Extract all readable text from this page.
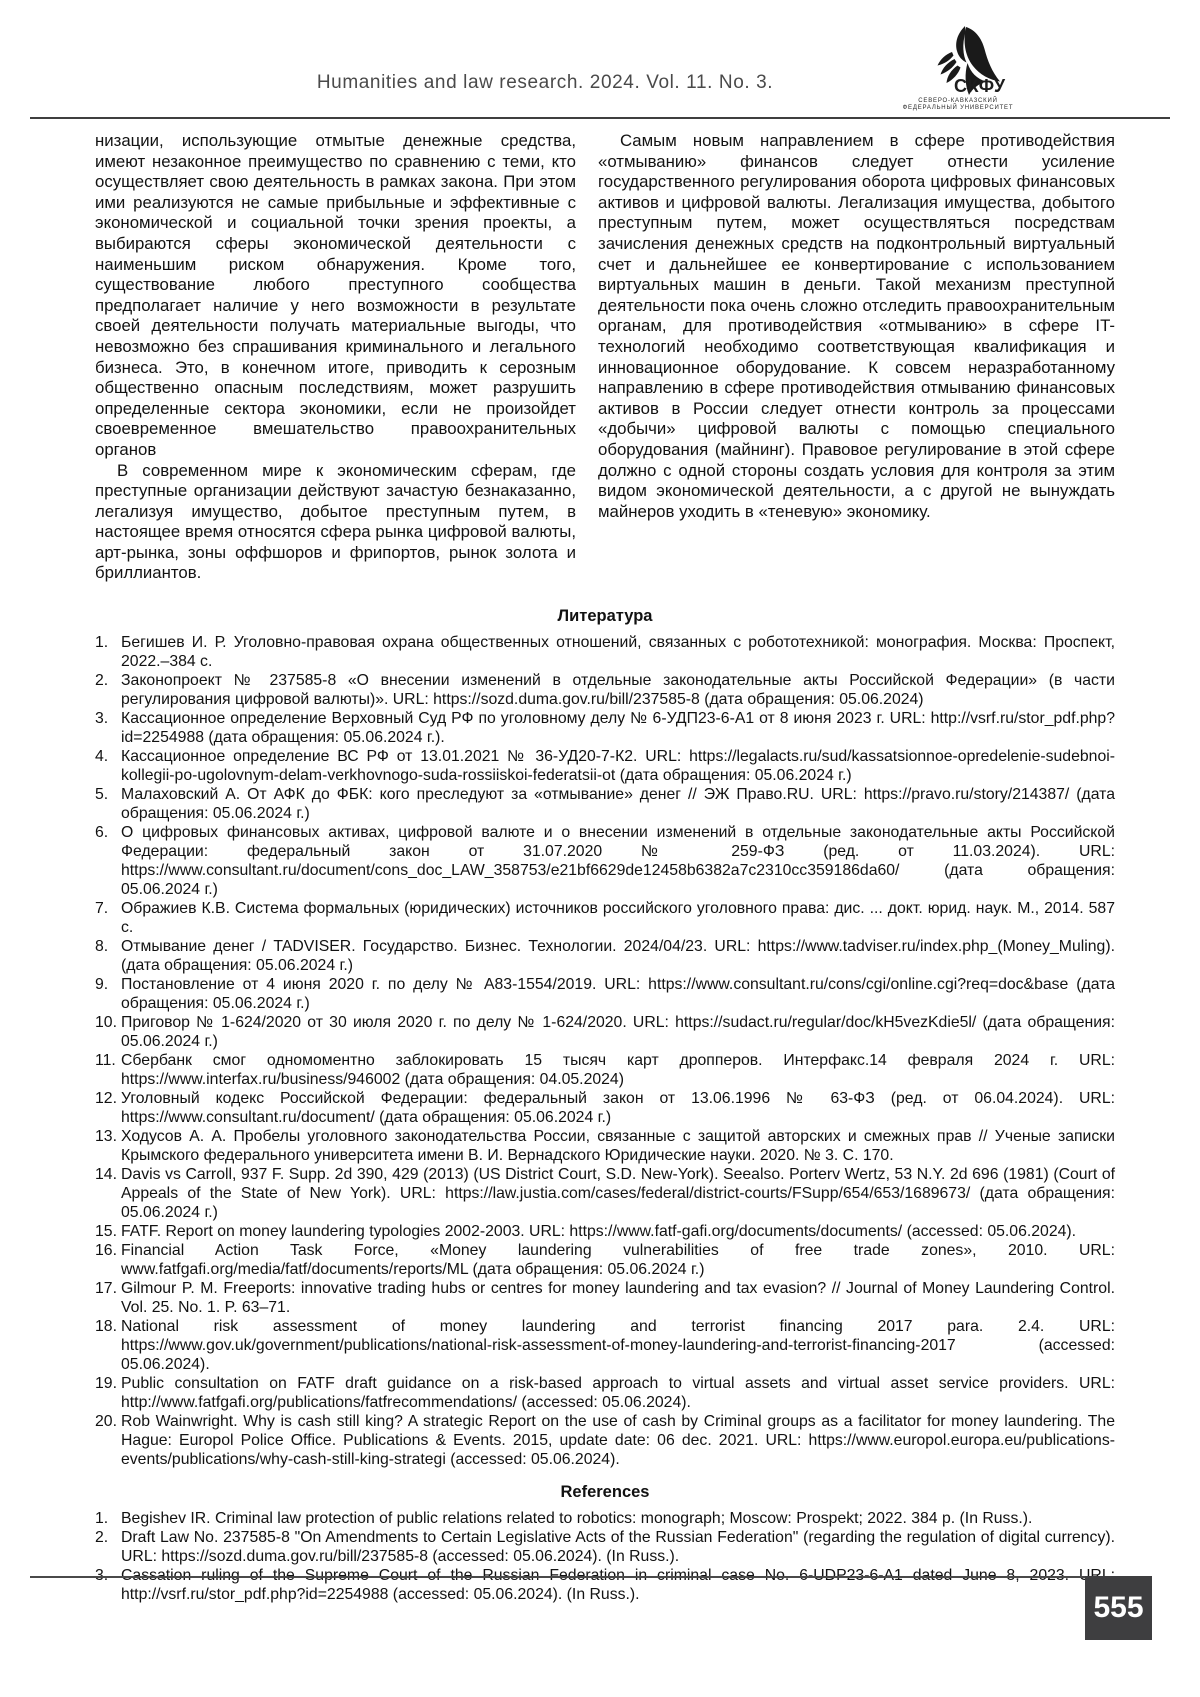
Humanities and law research. 2024. Vol. 11. No. 3.	СКФУ
СЕВЕРО-КАВКАЗСКИЙ
ФЕДЕРАЛЬНЫЙ УНИВЕРСИТЕТ

низации, использующие отмытые денежные средства, имеют незаконное преимущество по сравнению с теми, кто осуществляет свою деятельность в рамках закона. При этом ими реализуются не самые прибыльные и эффективные с экономической и социальной точки зрения проекты, а выбираются сферы экономической деятельности с наименьшим риском обнаружения. Кроме того, существование любого преступного сообщества предполагает наличие у него возможности в результате своей деятельности получать материальные выгоды, что невозможно без спрашивания криминального и легального бизнеса. Это, в конечном итоге, приводить к серозным общественно опасным последствиям, может разрушить определенные сектора экономики, если не произойдет своевременное вмешательство правоохранительных органов

В современном мире к экономическим сферам, где преступные организации действуют зачастую безнаказанно, легализуя имущество, добытое преступным путем, в настоящее время относятся сфера рынка цифровой валюты, арт-рынка, зоны оффшоров и фрипортов, рынок золота и бриллиантов.

Самым новым направлением в сфере противодействия «отмыванию» финансов следует отнести усиление государственного регулирования оборота цифровых финансовых активов и цифровой валюты. Легализация имущества, добытого преступным путем, может осуществляться посредствам зачисления денежных средств на подконтрольный виртуальный счет и дальнейшее ее конвертирование с использованием виртуальных машин в деньги. Такой механизм преступной деятельности пока очень сложно отследить правоохранительным органам, для противодействия «отмыванию» в сфере IT-технологий необходимо соответствующая квалификация и инновационное оборудование. К совсем неразработанному направлению в сфере противодействия отмыванию финансовых активов в России следует отнести контроль за процессами «добычи» цифровой валюты с помощью специального оборудования (майнинг). Правовое регулирование в этой сфере должно с одной стороны создать условия для контроля за этим видом экономической деятельности, а с другой не вынуждать майнеров уходить в «теневую» экономику.

Литература
Бегишев И. Р. Уголовно-правовая охрана общественных отношений, связанных с робототехникой: монография. Москва: Проспект, 2022.–384 с.
Законопроект № 237585-8 «О внесении изменений в отдельные законодательные акты Российской Федерации» (в части регулирования цифровой валюты)». URL: https://sozd.duma.gov.ru/bill/237585-8 (дата обращения: 05.06.2024)
Кассационное определение Верховный Суд РФ по уголовному делу № 6-УДП23-6-А1 от 8 июня 2023 г. URL: http://vsrf.ru/stor_pdf.php?id=2254988 (дата обращения: 05.06.2024 г.).
Кассационное определение ВС РФ от 13.01.2021 № 36-УД20-7-К2. URL: https://legalacts.ru/sud/kassatsionnoe-opredelenie-sudebnoi-kollegii-po-ugolovnym-delam-verkhovnogo-suda-rossiiskoi-federatsii-ot (дата обращения: 05.06.2024 г.)
Малаховский А. От АФК до ФБК: кого преследуют за «отмывание» денег // ЭЖ Право.RU. URL: https://pravo.ru/story/214387/ (дата обращения: 05.06.2024 г.)
О цифровых финансовых активах, цифровой валюте и о внесении изменений в отдельные законодательные акты Российской Федерации: федеральный закон от 31.07.2020 № 259-ФЗ (ред. от 11.03.2024). URL: https://www.consultant.ru/document/cons_doc_LAW_358753/e21bf6629de12458b6382a7c2310cc359186da60/ (дата обращения: 05.06.2024 г.)
Ображиев К.В. Система формальных (юридических) источников российского уголовного права: дис. ... докт. юрид. наук. М., 2014. 587 с.
Отмывание денег / TADVISER. Государство. Бизнес. Технологии. 2024/04/23. URL: https://www.tadviser.ru/index.php_(Money_Muling). (дата обращения: 05.06.2024 г.)
Постановление от 4 июня 2020 г. по делу № А83-1554/2019. URL: https://www.consultant.ru/cons/cgi/online.cgi?req=doc&base (дата обращения: 05.06.2024 г.)
Приговор № 1-624/2020 от 30 июля 2020 г. по делу № 1-624/2020. URL: https://sudact.ru/regular/doc/kH5vezKdie5l/ (дата обращения: 05.06.2024 г.)
Сбербанк смог одномоментно заблокировать 15 тысяч карт дропперов. Интерфакс.14 февраля 2024 г. URL: https://www.interfax.ru/business/946002 (дата обращения: 04.05.2024)
Уголовный кодекс Российской Федерации: федеральный закон от 13.06.1996 № 63-ФЗ (ред. от 06.04.2024). URL: https://www.consultant.ru/document/ (дата обращения: 05.06.2024 г.)
Ходусов А. А. Пробелы уголовного законодательства России, связанные с защитой авторских и смежных прав // Ученые записки Крымского федерального университета имени В. И. Вернадского Юридические науки. 2020. № 3. С. 170.
Davis vs Carroll, 937 F. Supp. 2d 390, 429 (2013) (US District Court, S.D. New-York). Seealso. Porterv Wertz, 53 N.Y. 2d 696 (1981) (Court of Appeals of the State of New York). URL: https://law.justia.com/cases/federal/district-courts/FSupp/654/653/1689673/ (дата обращения: 05.06.2024 г.)
FATF. Report on money laundering typologies 2002-2003. URL: https://www.fatf-gafi.org/documents/documents/ (accessed: 05.06.2024).
Financial Action Task Force, «Money laundering vulnerabilities of free trade zones», 2010. URL: www.fatfgafi.org/media/fatf/documents/reports/ML (дата обращения: 05.06.2024 г.)
Gilmour P. M. Freeports: innovative trading hubs or centres for money laundering and tax evasion? // Journal of Money Laundering Control. Vol. 25. No. 1. P. 63–71.
National risk assessment of money laundering and terrorist financing 2017 para. 2.4. URL: https://www.gov.uk/government/publications/national-risk-assessment-of-money-laundering-and-terrorist-financing-2017 (accessed: 05.06.2024).
Public consultation on FATF draft guidance on a risk-based approach to virtual assets and virtual asset service providers. URL: http://www.fatfgafi.org/publications/fatfrecommendations/ (accessed: 05.06.2024).
Rob Wainwright. Why is cash still king? A strategic Report on the use of cash by Criminal groups as a facilitator for money laundering. The Hague: Europol Police Office. Publications & Events. 2015, update date: 06 dec. 2021. URL: https://www.europol.europa.eu/publications-events/publications/why-cash-still-king-strategi (accessed: 05.06.2024).
References
Begishev IR. Criminal law protection of public relations related to robotics: monograph; Moscow: Prospekt; 2022. 384 p. (In Russ.).
Draft Law No. 237585-8 "On Amendments to Certain Legislative Acts of the Russian Federation" (regarding the regulation of digital currency). URL: https://sozd.duma.gov.ru/bill/237585-8 (accessed: 05.06.2024). (In Russ.).
http://vsrf.ru/stor_pdf.php?id=2254988 (accessed: 05.06.2024). (In Russ.).	555
